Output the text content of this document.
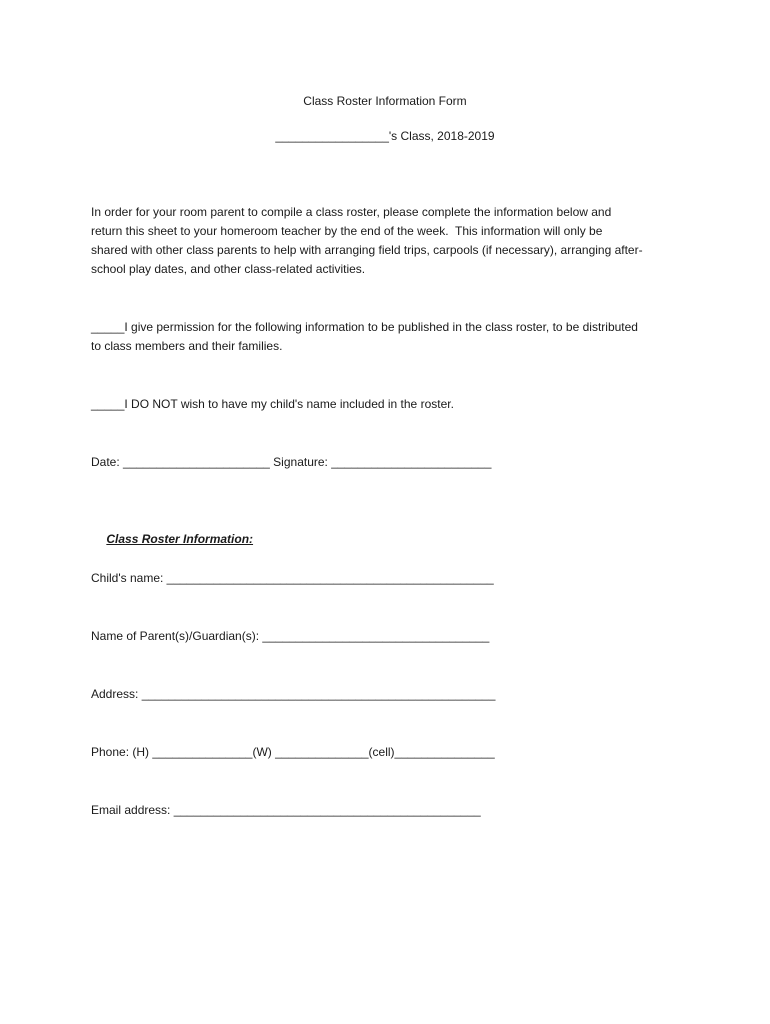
Class Roster Information Form
_________________'s Class, 2018-2019
In order for your room parent to compile a class roster, please complete the information below and
return this sheet to your homeroom teacher by the end of the week.  This information will only be
shared with other class parents to help with arranging field trips, carpools (if necessary), arranging after-
school play dates, and other class-related activities.
_____I give permission for the following information to be published in the class roster, to be distributed
to class members and their families.
_____I DO NOT wish to have my child's name included in the roster.
Date: ______________________ Signature: ________________________

Class Roster Information:

Child's name: _________________________________________________
Name of Parent(s)/Guardian(s): __________________________________
Address: _____________________________________________________
Phone: (H) _______________(W) ______________(cell)_______________
Email address: ______________________________________________
